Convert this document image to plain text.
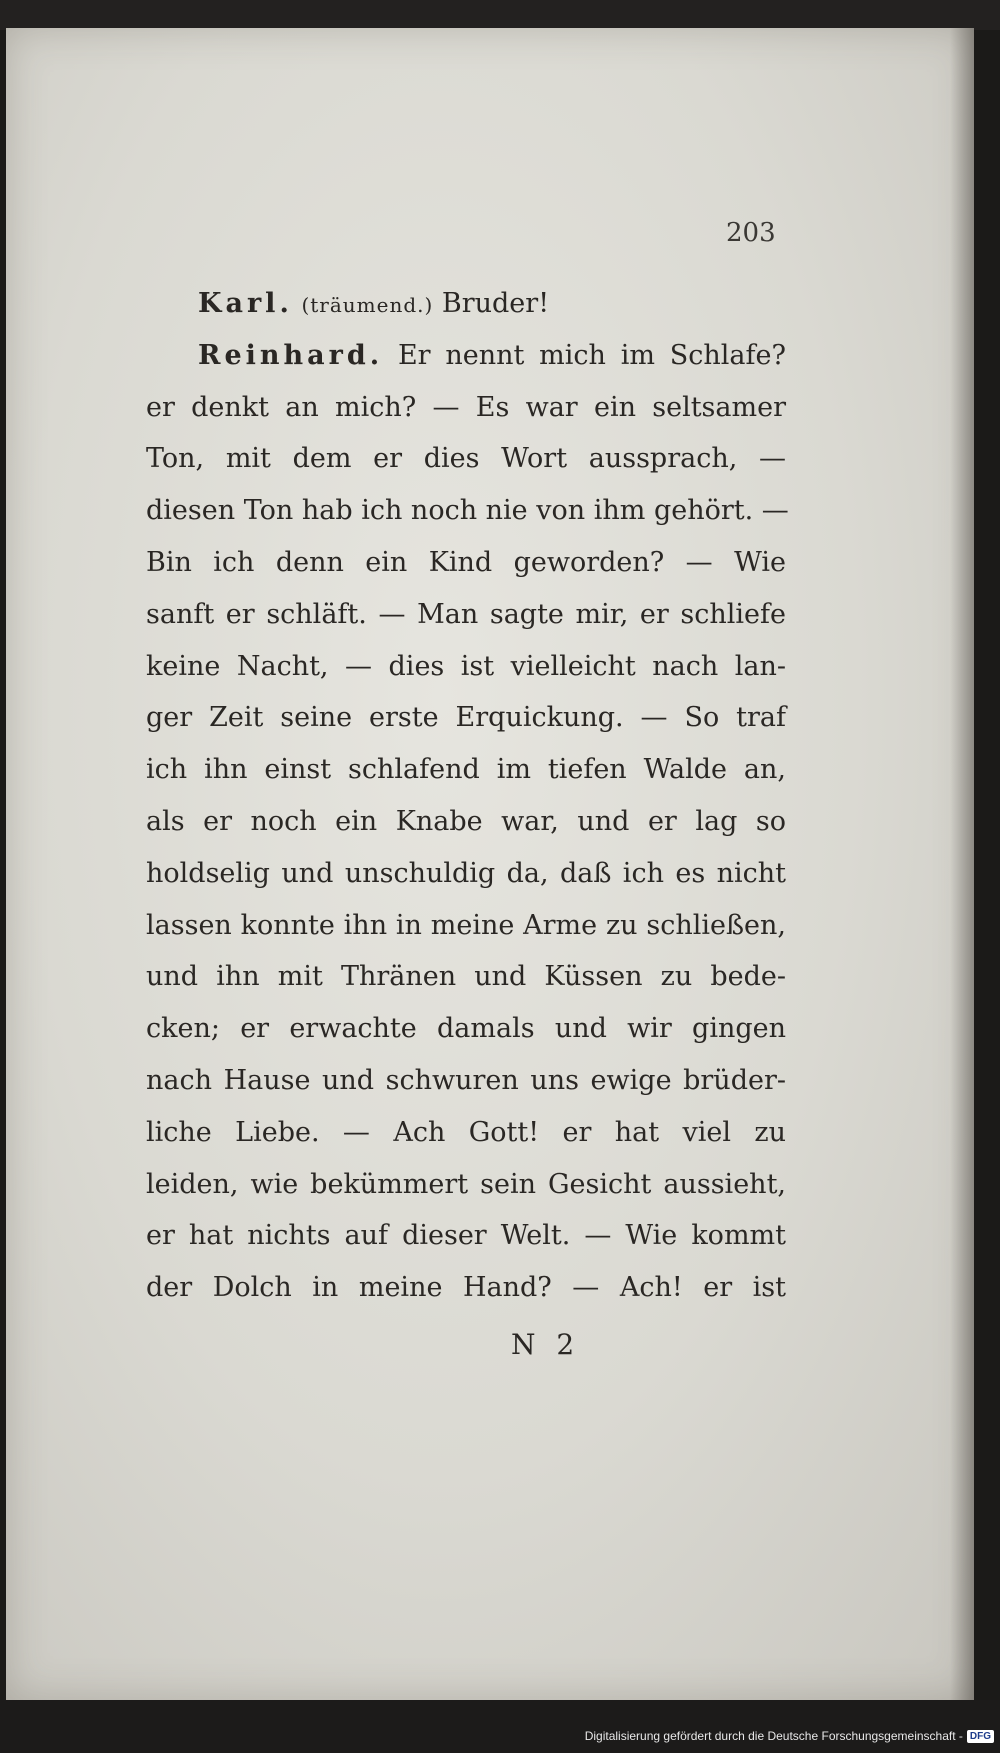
203
Karl. (träumend.) Bruder!
Reinhard. Er nennt mich im Schlafe?
er denkt an mich? — Es war ein seltsamer
Ton, mit dem er dies Wort aussprach, —
diesen Ton hab ich noch nie von ihm gehört. —
Bin ich denn ein Kind geworden? — Wie
sanft er schläft. — Man sagte mir, er schliefe
keine Nacht, — dies ist vielleicht nach lan-
ger Zeit seine erste Erquickung. — So traf
ich ihn einst schlafend im tiefen Walde an,
als er noch ein Knabe war, und er lag so
holdselig und unschuldig da, daß ich es nicht
lassen konnte ihn in meine Arme zu schließen,
und ihn mit Thränen und Küssen zu bede-
cken; er erwachte damals und wir gingen
nach Hause und schwuren uns ewige brüder-
liche Liebe. — Ach Gott! er hat viel zu
leiden, wie bekümmert sein Gesicht aussieht,
er hat nichts auf dieser Welt. — Wie kommt
der Dolch in meine Hand? — Ach! er ist
N 2
Digitalisierung gefördert durch die Deutsche Forschungsgemeinschaft - DFG
